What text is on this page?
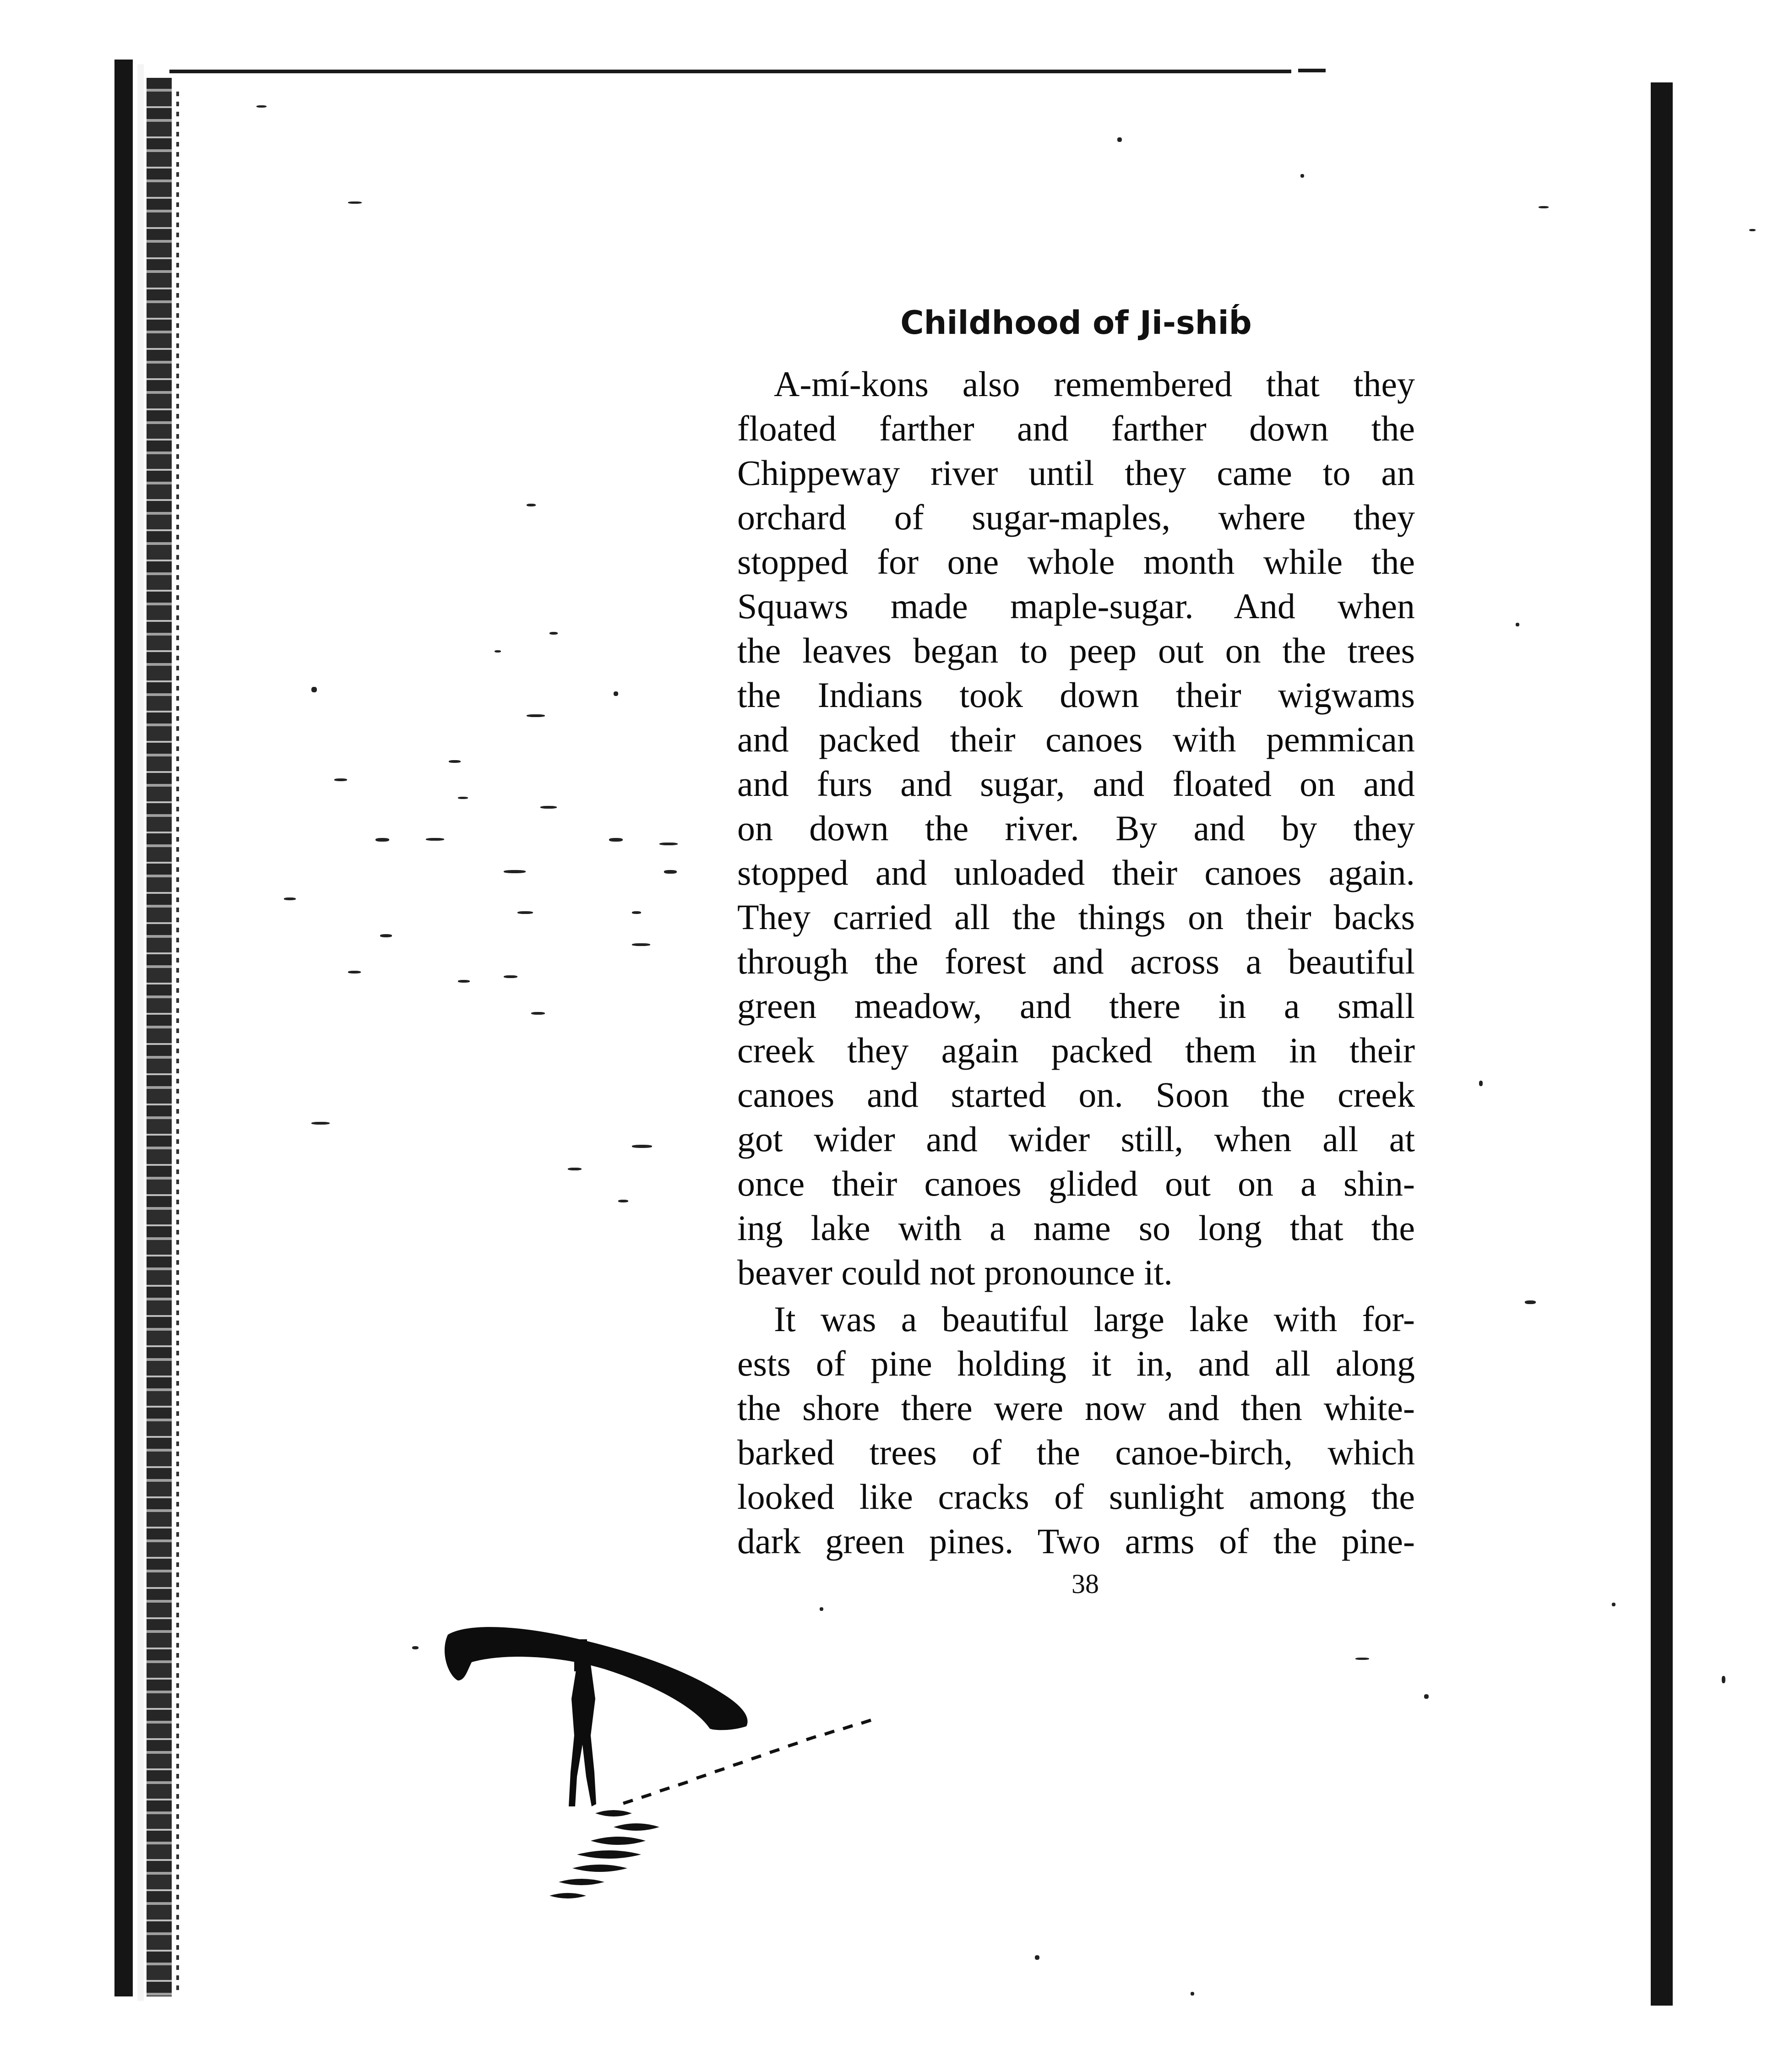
Childhood of Ji-shib́
A-mí-kons also remembered that they
floated farther and farther down the
Chippeway river until they came to an
orchard of sugar-maples, where they
stopped for one whole month while the
Squaws made maple-sugar. And when
the leaves began to peep out on the trees
the Indians took down their wigwams
and packed their canoes with pemmican
and furs and sugar, and floated on and
on down the river. By and by they
stopped and unloaded their canoes again.
They carried all the things on their backs
through the forest and across a beautiful
green meadow, and there in a small
creek they again packed them in their
canoes and started on. Soon the creek
got wider and wider still, when all at
once their canoes glided out on a shin-
ing lake with a name so long that the
beaver could not pronounce it.
It was a beautiful large lake with for-
ests of pine holding it in, and all along
the shore there were now and then white-
barked trees of the canoe-birch, which
looked like cracks of sunlight among the
dark green pines. Two arms of the pine-
38
